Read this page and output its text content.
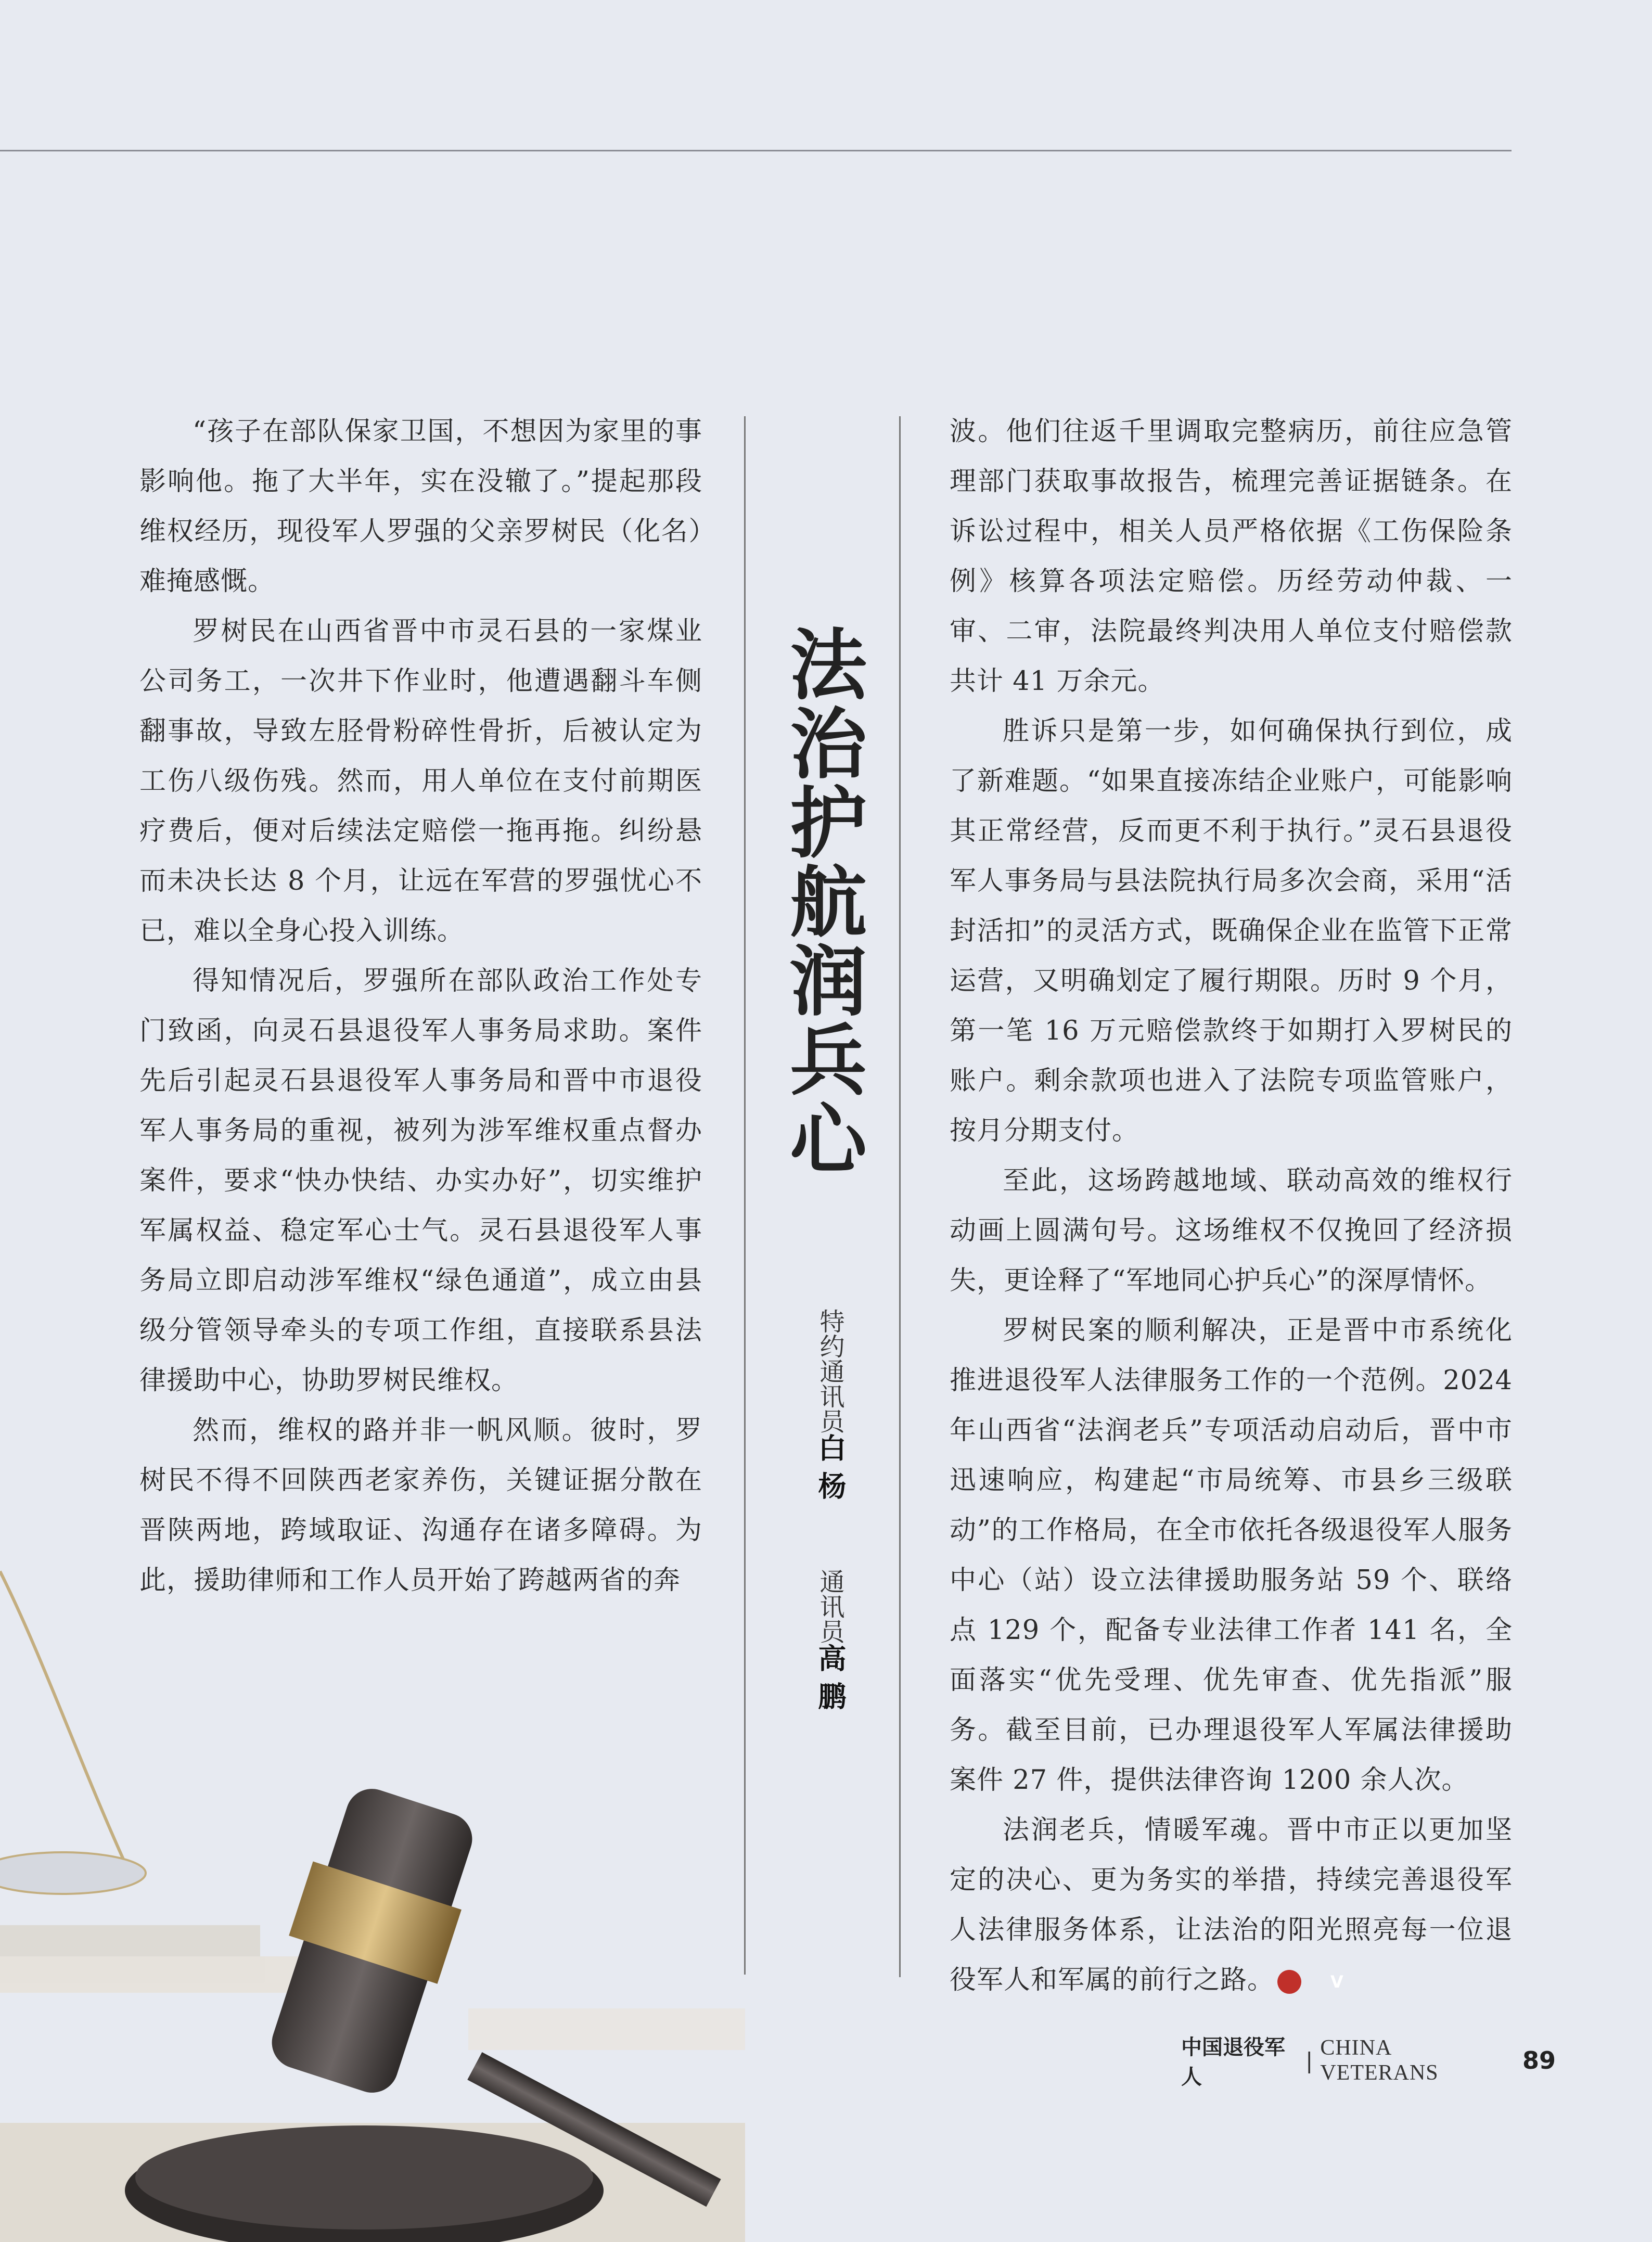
“孩子在部队保家卫国，不想因为家里的事影响他。拖了大半年，实在没辙了。”提起那段维权经历，现役军人罗强的父亲罗树民（化名）难掩感慨。

罗树民在山西省晋中市灵石县的一家煤业公司务工，一次井下作业时，他遭遇翻斗车侧翻事故，导致左胫骨粉碎性骨折，后被认定为工伤八级伤残。然而，用人单位在支付前期医疗费后，便对后续法定赔偿一拖再拖。纠纷悬而未决长达 8 个月，让远在军营的罗强忧心不已，难以全身心投入训练。

得知情况后，罗强所在部队政治工作处专门致函，向灵石县退役军人事务局求助。案件先后引起灵石县退役军人事务局和晋中市退役军人事务局的重视，被列为涉军维权重点督办案件，要求“快办快结、办实办好”，切实维护军属权益、稳定军心士气。灵石县退役军人事务局立即启动涉军维权“绿色通道”，成立由县级分管领导牵头的专项工作组，直接联系县法律援助中心，协助罗树民维权。

然而，维权的路并非一帆风顺。彼时，罗树民不得不回陕西老家养伤，关键证据分散在晋陕两地，跨域取证、沟通存在诸多障碍。为此，援助律师和工作人员开始了跨越两省的奔

法治护航润兵心
特约通讯员白 杨
通讯员高 鹏

波。他们往返千里调取完整病历，前往应急管理部门获取事故报告，梳理完善证据链条。在诉讼过程中，相关人员严格依据《工伤保险条例》核算各项法定赔偿。历经劳动仲裁、一审、二审，法院最终判决用人单位支付赔偿款共计 41 万余元。

胜诉只是第一步，如何确保执行到位，成了新难题。“如果直接冻结企业账户，可能影响其正常经营，反而更不利于执行。”灵石县退役军人事务局与县法院执行局多次会商，采用“活封活扣”的灵活方式，既确保企业在监管下正常运营，又明确划定了履行期限。历时 9 个月，第一笔 16 万元赔偿款终于如期打入罗树民的账户。剩余款项也进入了法院专项监管账户，按月分期支付。

至此，这场跨越地域、联动高效的维权行动画上圆满句号。这场维权不仅挽回了经济损失，更诠释了“军地同心护兵心”的深厚情怀。

罗树民案的顺利解决，正是晋中市系统化推进退役军人法律服务工作的一个范例。2024 年山西省“法润老兵”专项活动启动后，晋中市迅速响应，构建起“市局统筹、市县乡三级联动”的工作格局，在全市依托各级退役军人服务中心（站）设立法律援助服务站 59 个、联络点 129 个，配备专业法律工作者 141 名，全面落实“优先受理、优先审查、优先指派”服务。截至目前，已办理退役军人军属法律援助案件 27 件，提供法律咨询 1200 余人次。

法润老兵，情暖军魂。晋中市正以更加坚定的决心、更为务实的举措，持续完善退役军人法律服务体系，让法治的阳光照亮每一位退役军人和军属的前行之路。	V

中国退役军人
| CHINA VETERANS	89
